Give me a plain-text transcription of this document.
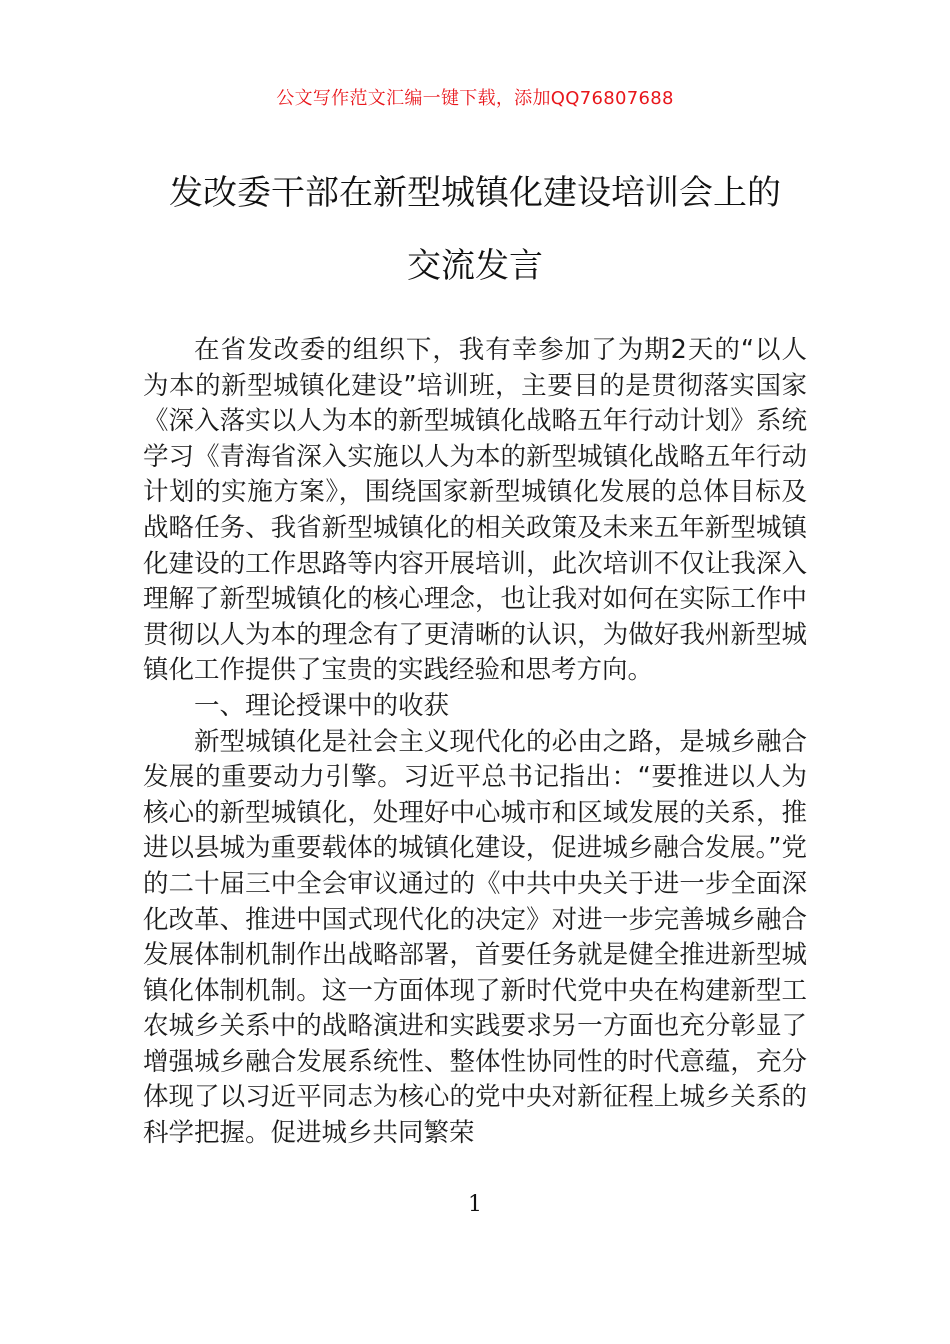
公文写作范文汇编一键下载，添加QQ76807688
发改委干部在新型城镇化建设培训会上的
交流发言

在省发改委的组织下，我有幸参加了为期2天的“以人为本的新型城镇化建设”培训班，主要目的是贯彻落实国家《深入落实以人为本的新型城镇化战略五年行动计划》系统学习《青海省深入实施以人为本的新型城镇化战略五年行动计划的实施方案》，围绕国家新型城镇化发展的总体目标及战略任务、我省新型城镇化的相关政策及未来五年新型城镇化建设的工作思路等内容开展培训，此次培训不仅让我深入理解了新型城镇化的核心理念，也让我对如何在实际工作中贯彻以人为本的理念有了更清晰的认识，为做好我州新型城镇化工作提供了宝贵的实践经验和思考方向。

一、理论授课中的收获

新型城镇化是社会主义现代化的必由之路，是城乡融合发展的重要动力引擎。习近平总书记指出：“要推进以人为核心的新型城镇化，处理好中心城市和区域发展的关系，推进以县城为重要载体的城镇化建设，促进城乡融合发展。”党的二十届三中全会审议通过的《中共中央关于进一步全面深化改革、推进中国式现代化的决定》对进一步完善城乡融合发展体制机制作出战略部署，首要任务就是健全推进新型城镇化体制机制。这一方面体现了新时代党中央在构建新型工农城乡关系中的战略演进和实践要求另一方面也充分彰显了增强城乡融合发展系统性、整体性协同性的时代意蕴，充分体现了以习近平同志为核心的党中央对新征程上城乡关系的科学把握。促进城乡共同繁荣

1
